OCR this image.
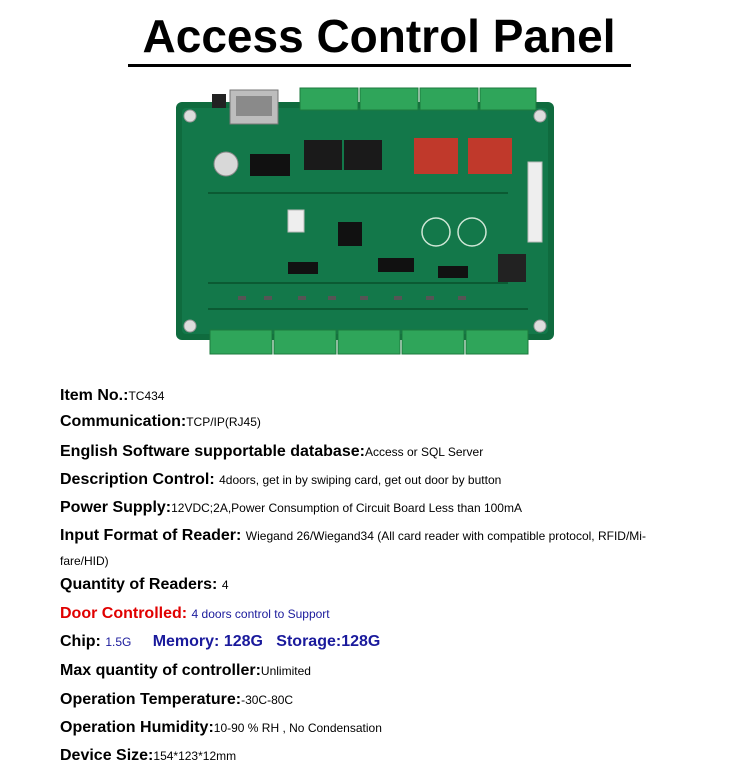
Access Control Panel
Item No.:TC434
Communication:TCP/IP(RJ45)
English Software supportable database:Access or SQL Server
Description Control: 4doors, get in by swiping card, get out door by button
Power Supply:12VDC;2A,Power Consumption of Circuit Board Less than 100mA
Input Format of Reader: Wiegand 26/Wiegand34 (All card reader with compatible protocol, RFID/Mi-
fare/HID)
Quantity of Readers: 4
Door Controlled: 4 doors control to Support
Chip: 1.5G Memory: 128G Storage:128G
Max quantity of controller:Unlimited
Operation Temperature:-30C-80C
Operation Humidity:10-90 % RH , No Condensation
Device Size:154*123*12mm
